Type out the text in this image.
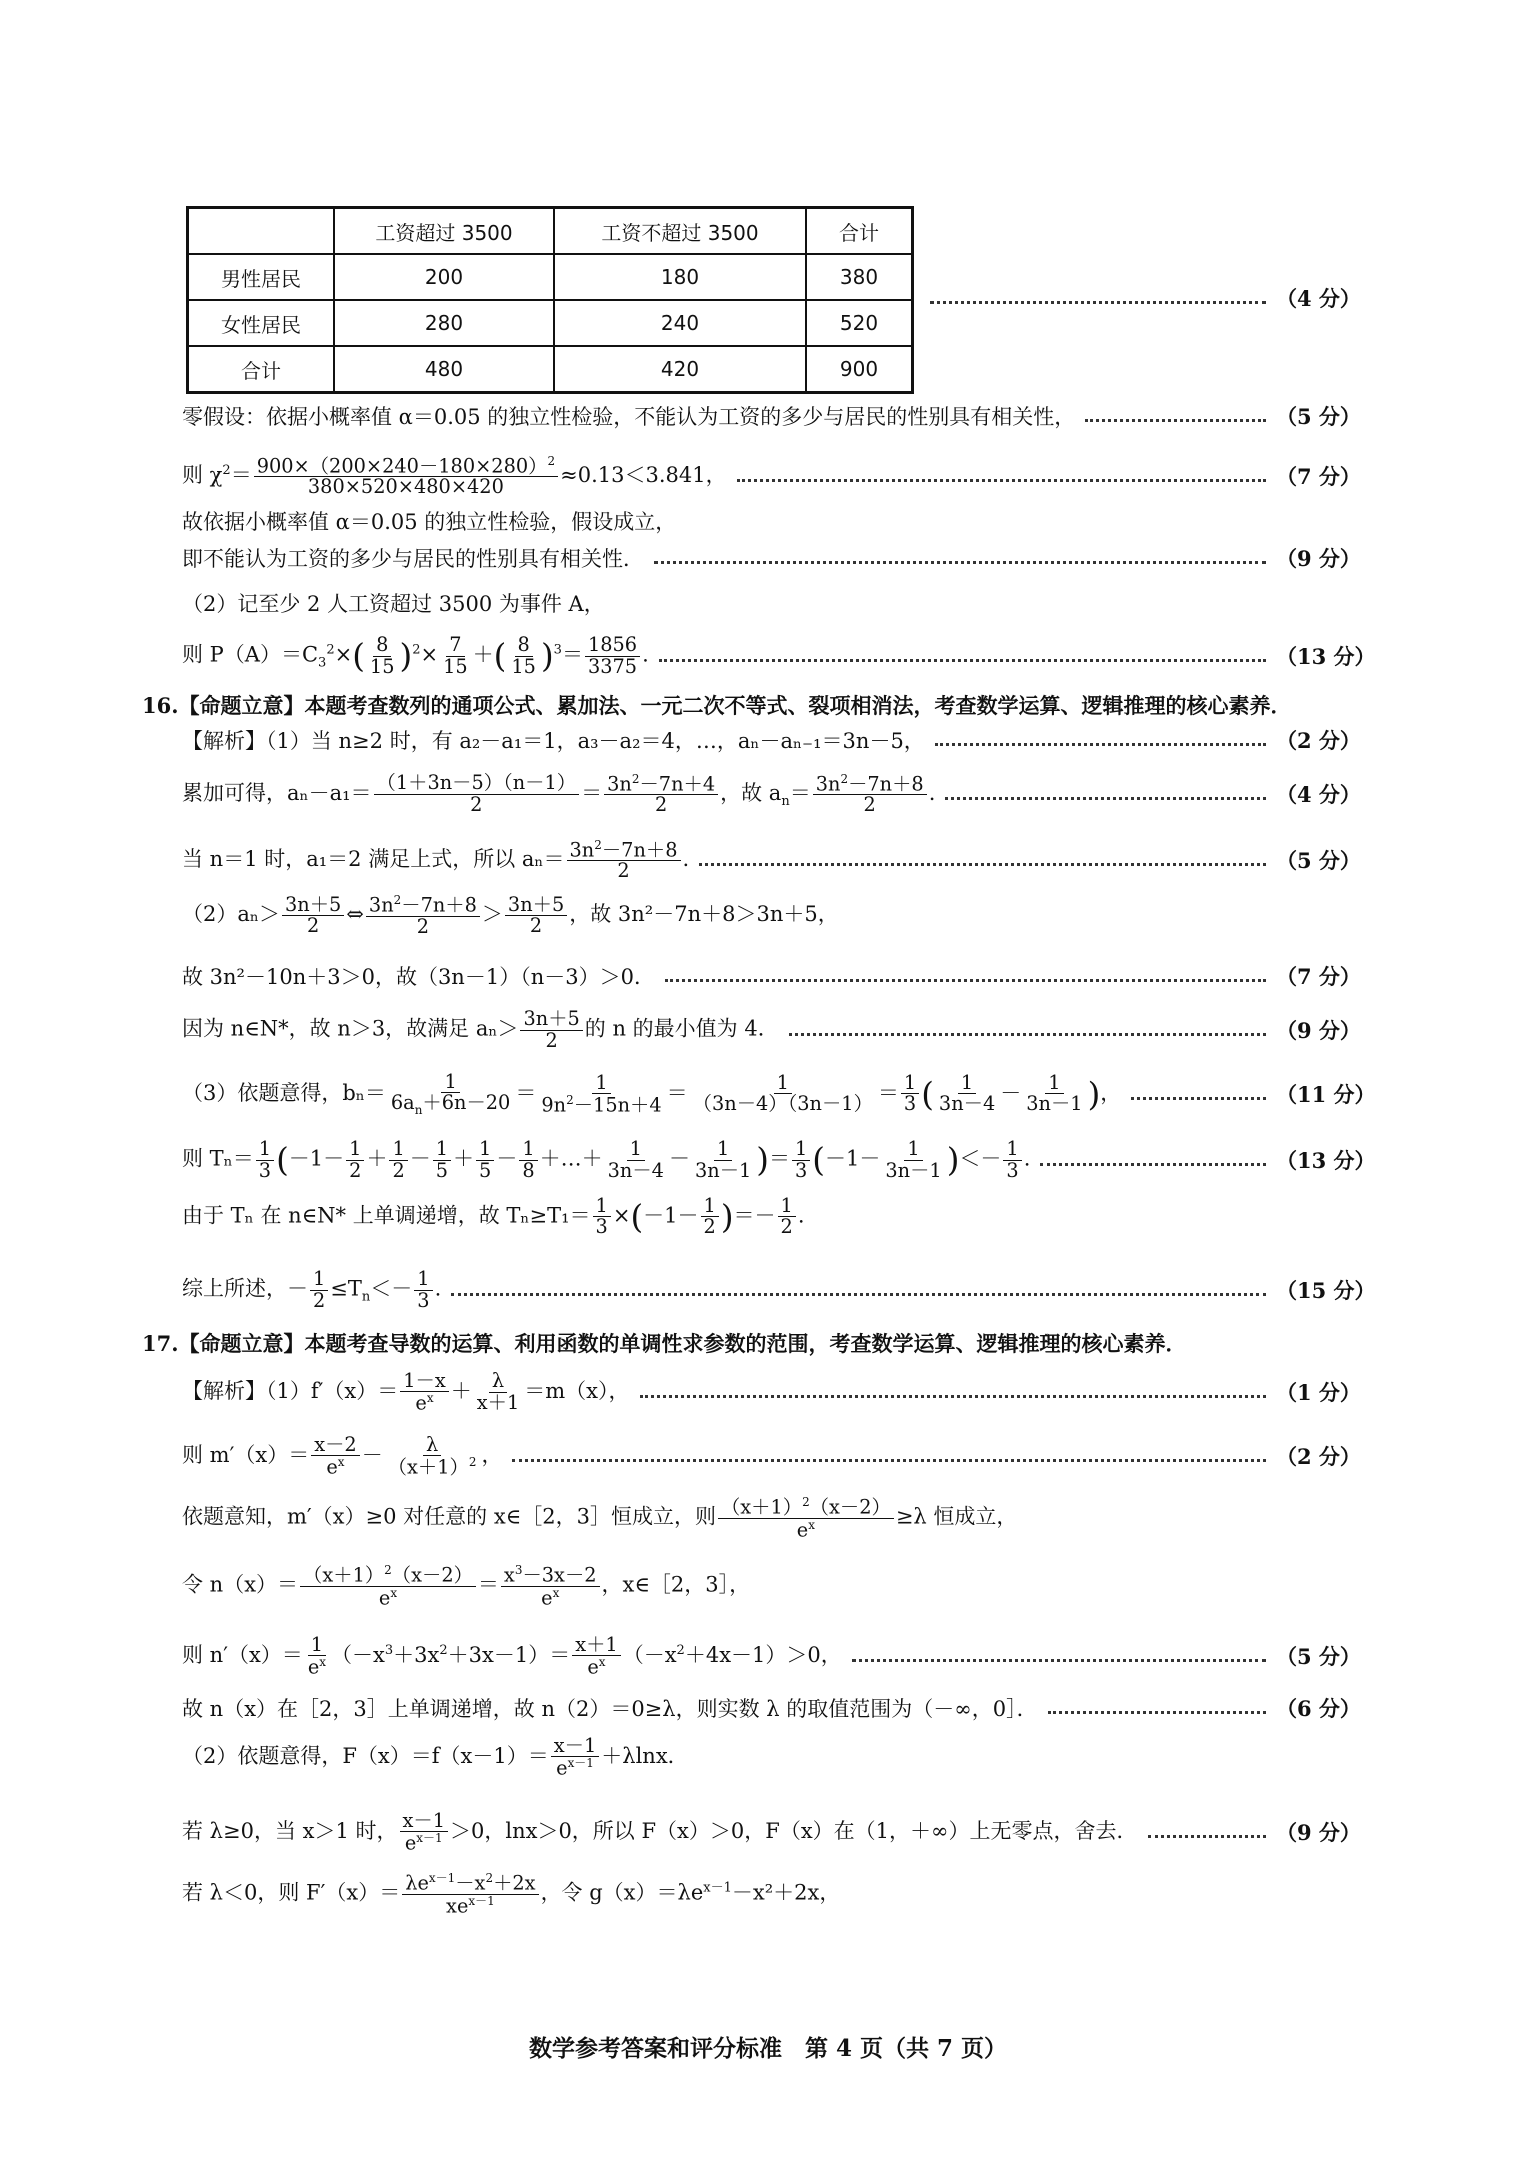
	工资超过 3500	工资不超过 3500	合计
男性居民	200	180	380
女性居民	280	240	520
合计	480	420	900
（4 分）
零假设：依据小概率值 α＝0.05 的独立性检验，不能认为工资的多少与居民的性别具有相关性，	（5 分）
则 $\chi^2= \frac{900\times(200\times 240-180\times 280)^2}{380\times 520\times 480\times 420} \approx 0.13<3.841$，	（7 分）
故依据小概率值 α＝0.05 的独立性检验，假设成立，
即不能认为工资的多少与居民的性别具有相关性．	（9 分）
（2）记至少 2 人工资超过 3500 为事件 A，
则 $P(A)=C_3^2\times( \frac{8}{15} )^2\times \frac{7}{15}$ ＋( $\frac{8}{15} )^3= \frac{1856}{3375}$ .	（13 分）
16.【命题立意】本题考查数列的通项公式、累加法、一元二次不等式、裂项相消法，考查数学运算、逻辑推理的核心素养．
【解析】（1）当 n≥2 时，有 a₂－a₁＝1，a₃－a₂＝4，…，aₙ－aₙ₋₁＝3n－5，	（2 分）
累加可得，$a_n-a_1= \frac{(1+3n-5)(n-1)}{2} = \frac{3n^2-7n+4}{2}$ ，故 $a_n= \frac{3n^2-7n+8}{2}$ .	（4 分）
当 n＝1 时，a₁＝2 满足上式，所以 $a_n= \frac{3n^2-7n+8}{2}$ .	（5 分）
$(2)a_n> \frac{3n+5}{2}$ ⇔ $\frac{3n^2-7n+8}{2} > \frac{3n+5}{2}$ ，故 3n²－7n＋8＞3n＋5，
故 3n²－10n＋3＞0，故（3n－1）（n－3）＞0．	（7 分）
因为 n∈N*，故 n＞3，故满足 $a_n> \frac{3n+5}{2}$ 的 n 的最小值为 4．	（9 分）
（3）依题意得，$b_n= \frac{1}{6a_n+6n-20} = \frac{1}{9n^2-15n+4} = \frac{1}{(3n-4)(3n-1)} = \frac{1}{3}$ ( $\frac{1}{3n-4} - \frac{1}{3n-1}$ )，	（11 分）
则 $T_n= \frac{1}{3} (-1- \frac{1}{2} + \frac{1}{2} - \frac{1}{5} + \frac{1}{5} - \frac{1}{8}$ ＋…＋ $\frac{1}{3n-4} - \frac{1}{3n-1}$ )＝ $\frac{1}{3} (-1- \frac{1}{3n-1}$ )＜－ $\frac{1}{3}$ .	（13 分）
由于 Tₙ 在 n∈N* 上单调递增，故 $T_n\ge T_1= \frac{1}{3} \times(-1- \frac{1}{2}$ )＝－ $\frac{1}{2}$ .
综上所述，－ $\frac{1}{2} \le T_n<- \frac{1}{3}$ .	（15 分）
17.【命题立意】本题考查导数的运算、利用函数的单调性求参数的范围，考查数学运算、逻辑推理的核心素养．
【解析】$(1)f'(x)= \frac{1-x}{e^x} + \frac{\lambda}{x+1} =m(x)$，	（1 分）
则 $m'(x)= \frac{x-2}{e^x} - \frac{\lambda}{(x+1)^2}$ ，	（2 分）
依题意知，m′（x）≥0 对任意的 x∈［2，3］恒成立，则 $\frac{(x+1)^2(x-2)}{e^x} \ge\lambda$ 恒成立，
令 $n(x)= \frac{(x+1)^2(x-2)}{e^x} = \frac{x^3-3x-2}{e^x}$ ，x∈［2，3］，
则 $n'(x)= \frac{1}{e^x} (-x^3+3x^2+3x-1)= \frac{x+1}{e^x} (-x^2+4x-1)>0$，	（5 分）
故 n（x）在［2，3］上单调递增，故 n（2）＝0≥λ，则实数 λ 的取值范围为（－∞，0］．	（6 分）
（2）依题意得，$F(x)=f(x-1)= \frac{x-1}{e^{x-1}} +\lambda\ln x$．
若 λ≥0，当 x＞1 时， $\frac{x-1}{e^{x-1}} >0$，lnx＞0，所以 F（x）＞0，F（x）在（1，＋∞）上无零点，舍去．	（9 分）
若 λ＜0，则 $F'(x)= \frac{\lambda e^{x-1}-x^2+2x}{xe^{x-1}}$ ，令 $g(x)=\lambda e^{x-1}-x^2+2x$，
数学参考答案和评分标准　第 4 页（共 7 页）
